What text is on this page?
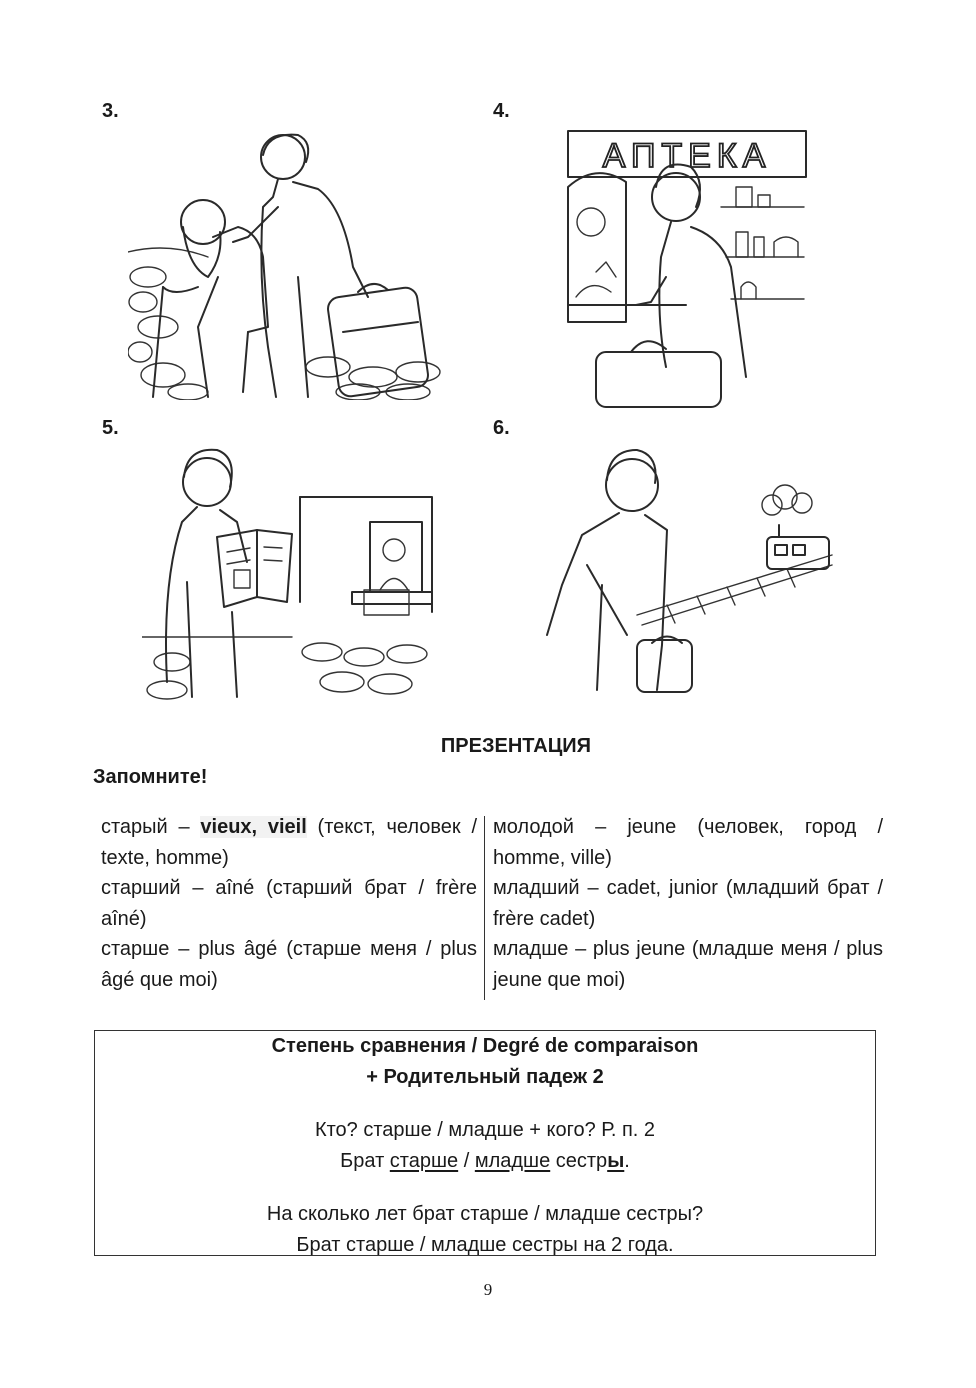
3.	4.
5.	6.
АПТЕКА
ПРЕЗЕНТАЦИЯ
Запомните!

старый – vieux, vieil (текст, человек / texte, homme)

старший – aîné (старший брат / frère aîné)

старше – plus âgé (старше меня / plus âgé que moi)

молодой – jeune (человек, город / homme, ville)

младший – cadet, junior (младший брат / frère cadet)

младше – plus jeune (младше меня / plus jeune que moi)

Степень сравнения / Degré de comparaison

+ Родительный падеж 2

Кто? старше / младше + кого? Р. п. 2

Брат старше / младше сестры.

На сколько лет брат старше / младше сестры?

Брат старше / младше сестры на 2 года.

9
